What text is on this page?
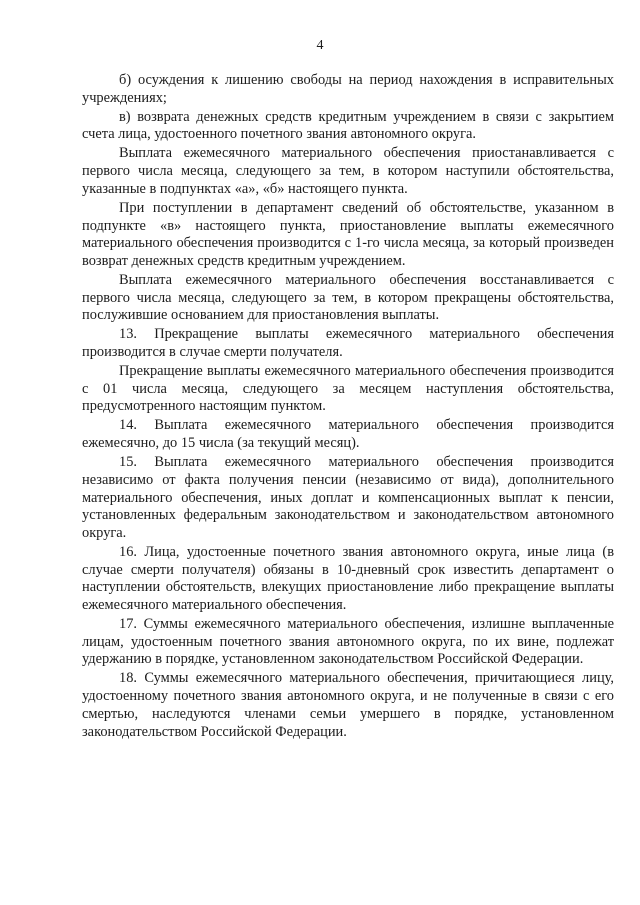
4

б) осуждения к лишению свободы на период нахождения в исправительных учреждениях;

в) возврата денежных средств кредитным учреждением в связи с закрытием счета лица, удостоенного почетного звания автономного округа.

Выплата ежемесячного материального обеспечения приостанавливается с первого числа месяца, следующего за тем, в котором наступили обстоятельства, указанные в подпунктах «а», «б» настоящего пункта.

При поступлении в департамент сведений об обстоятельстве, указанном в подпункте «в» настоящего пункта, приостановление выплаты ежемесячного материального обеспечения производится с 1-го числа месяца, за который произведен возврат денежных средств кредитным учреждением.

Выплата ежемесячного материального обеспечения восстанавливается с первого числа месяца, следующего за тем, в котором прекращены обстоятельства, послужившие основанием для приостановления выплаты.

13. Прекращение выплаты ежемесячного материального обеспечения производится в случае смерти получателя.

Прекращение выплаты ежемесячного материального обеспечения производится с 01 числа месяца, следующего за месяцем наступления обстоятельства, предусмотренного настоящим пунктом.

14. Выплата ежемесячного материального обеспечения производится ежемесячно, до 15 числа (за текущий месяц).

15. Выплата ежемесячного материального обеспечения производится независимо от факта получения пенсии (независимо от вида), дополнительного материального обеспечения, иных доплат и компенсационных выплат к пенсии, установленных федеральным законодательством и законодательством автономного округа.

16. Лица, удостоенные почетного звания автономного округа, иные лица (в случае смерти получателя) обязаны в 10-дневный срок известить департамент о наступлении обстоятельств, влекущих приостановление либо прекращение выплаты ежемесячного материального обеспечения.

17. Суммы ежемесячного материального обеспечения, излишне выплаченные лицам, удостоенным почетного звания автономного округа, по их вине, подлежат удержанию в порядке, установленном законодательством Российской Федерации.

18. Суммы ежемесячного материального обеспечения, причитающиеся лицу, удостоенному почетного звания автономного округа, и не полученные в связи с его смертью, наследуются членами семьи умершего в порядке, установленном законодательством Российской Федерации.
